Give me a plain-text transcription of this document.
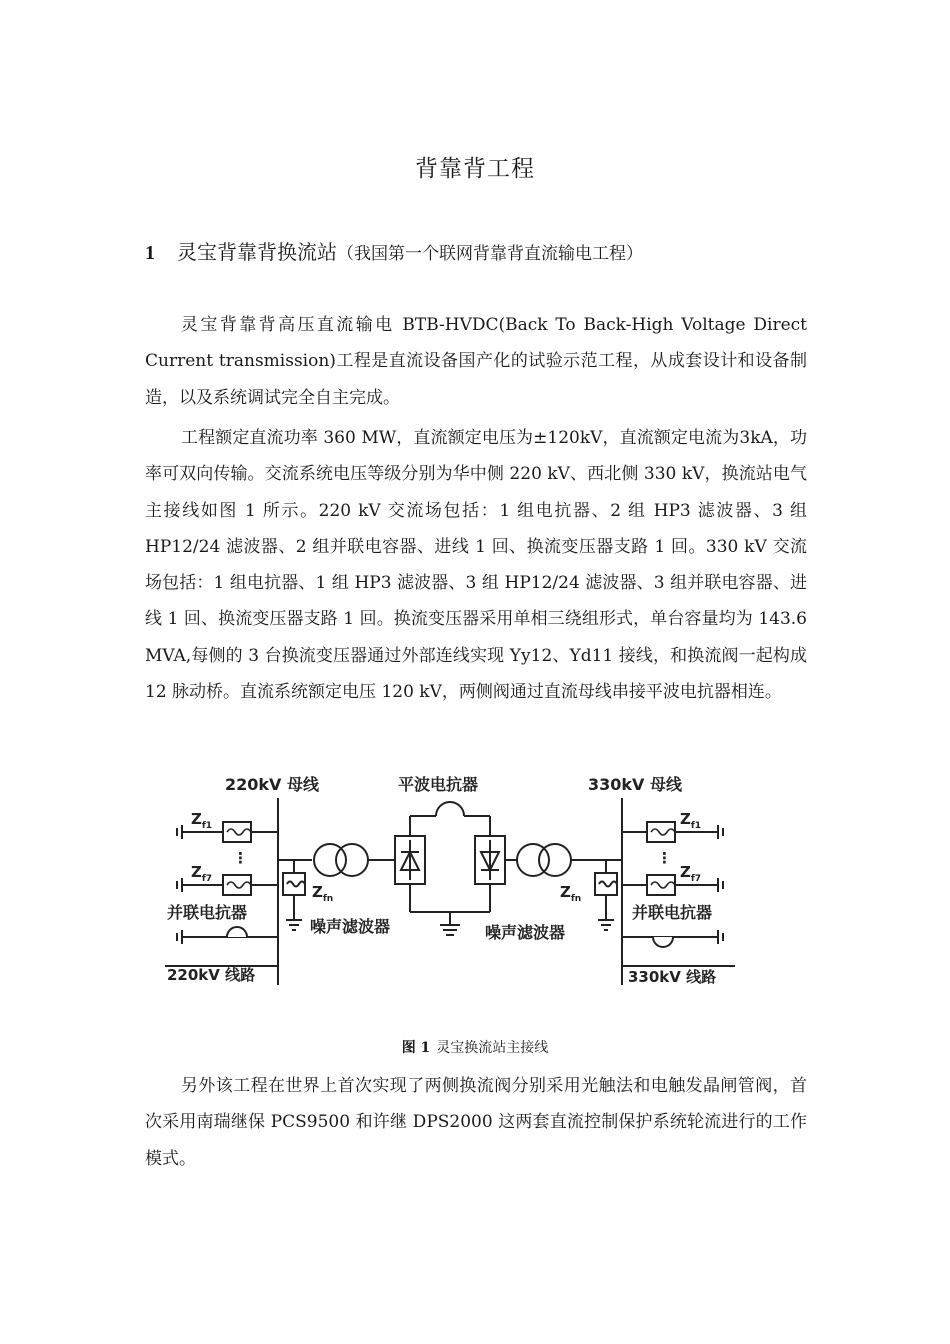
背靠背工程
1 灵宝背靠背换流站（我国第一个联网背靠背直流输电工程）
灵宝背靠背高压直流输电 BTB-HVDC(Back To Back-High Voltage Direct Current transmission)工程是直流设备国产化的试验示范工程，从成套设计和设备制造，以及系统调试完全自主完成。
工程额定直流功率 360 MW，直流额定电压为±120kV，直流额定电流为3kA，功率可双向传输。交流系统电压等级分别为华中侧 220 kV、西北侧 330 kV，换流站电气主接线如图 1 所示。220 kV 交流场包括：1 组电抗器、2 组 HP3 滤波器、3 组 HP12/24 滤波器、2 组并联电容器、进线 1 回、换流变压器支路 1 回。330 kV 交流场包括：1 组电抗器、1 组 HP3 滤波器、3 组 HP12/24 滤波器、3 组并联电容器、进线 1 回、换流变压器支路 1 回。换流变压器采用单相三绕组形式，单台容量均为 143.6 MVA,每侧的 3 台换流变压器通过外部连线实现 Yy12、Yd11 接线，和换流阀一起构成 12 脉动桥。直流系统额定电压 120 kV，两侧阀通过直流母线串接平波电抗器相连。
220kV 母线	330kV 母线
平波电抗器
$Z_{f1}$
$Z_{f7}$
⋮
$Z_{fn}$
并联电抗器
噪声滤波器
220kV 线路
$Z_{f1}$
$Z_{f7}$
⋮
$Z_{fn}$
并联电抗器
噪声滤波器
330kV 线路
图 1 灵宝换流站主接线
另外该工程在世界上首次实现了两侧换流阀分别采用光触法和电触发晶闸管阀，首次采用南瑞继保 PCS9500 和许继 DPS2000 这两套直流控制保护系统轮流进行的工作模式。
